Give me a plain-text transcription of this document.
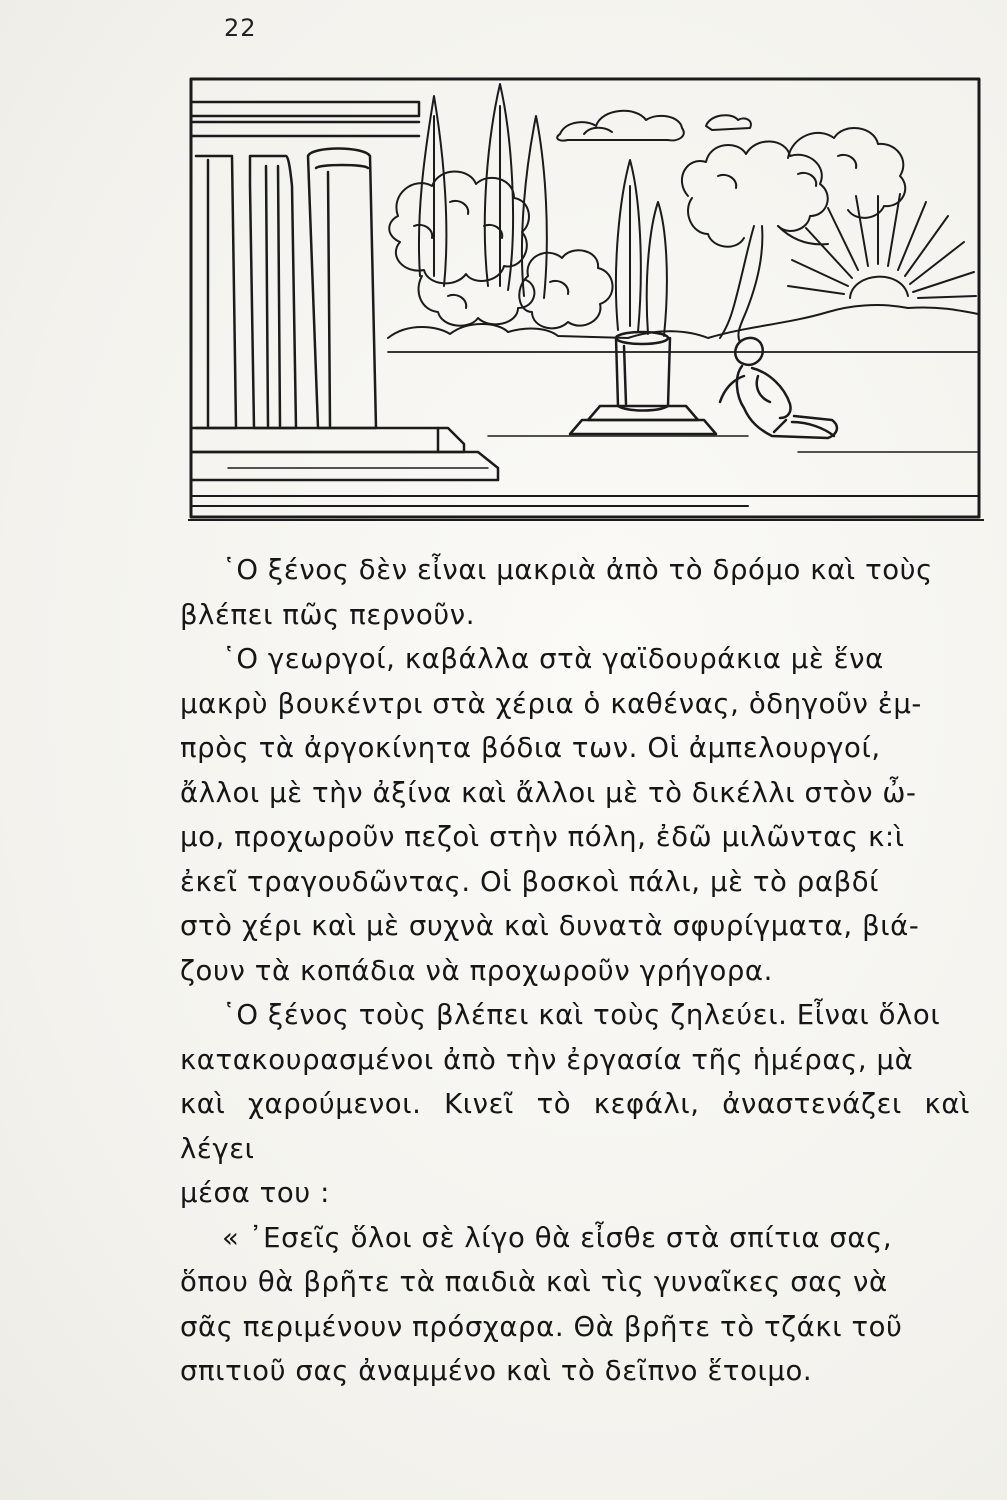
22

῾Ο ξένος δὲν εἶναι μακριὰ ἀπὸ τὸ δρόμο καὶ τοὺς

βλέπει πῶς περνοῦν.

῾Ο γεωργοί, καβάλλα στὰ γαϊδουράκια μὲ ἕνα

μακρὺ βουκέντρι στὰ χέρια ὁ καθένας, ὁδηγοῦν ἐμ-

πρὸς τὰ ἀργοκίνητα βόδια των. Οἱ ἀμπελουργοί,

ἄλλοι μὲ τὴν ἀξίνα καὶ ἄλλοι μὲ τὸ δικέλλι στὸν ὦ-

μο, προχωροῦν πεζοὶ στὴν πόλη, ἐδῶ μιλῶντας κ:ὶ

ἐκεῖ τραγουδῶντας. Οἱ βοσκοὶ πάλι, μὲ τὸ ραβδί

στὸ χέρι καὶ μὲ συχνὰ καὶ δυνατὰ σφυρίγματα, βιά-

ζουν τὰ κοπάδια νὰ προχωροῦν γρήγορα.

῾Ο ξένος τοὺς βλέπει καὶ τοὺς ζηλεύει. Εἶναι ὅλοι

κατακουρασμένοι ἀπὸ τὴν ἐργασία τῆς ἡμέρας, μὰ

καὶ χαρούμενοι. Κινεῖ τὸ κεφάλι, ἀναστενάζει καὶ λέγει

μέσα του :

« ᾿Εσεῖς ὅλοι σὲ λίγο θὰ εἶσθε στὰ σπίτια σας,

ὅπου θὰ βρῆτε τὰ παιδιὰ καὶ τὶς γυναῖκες σας νὰ

σᾶς περιμένουν πρόσχαρα. Θὰ βρῆτε τὸ τζάκι τοῦ

σπιτιοῦ σας ἀναμμένο καὶ τὸ δεῖπνο ἕτοιμο.
